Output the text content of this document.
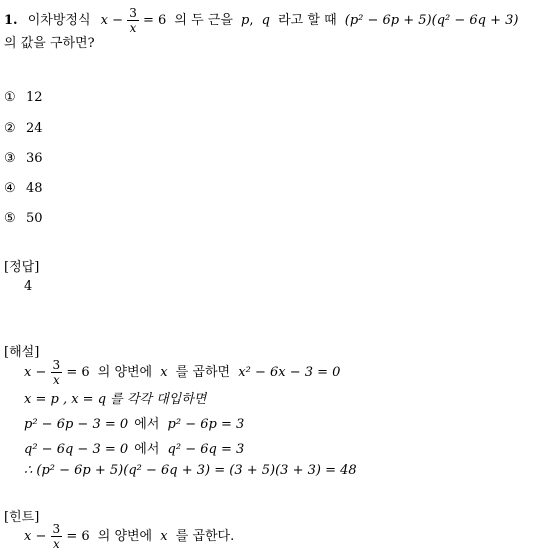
1. 이차방정식 $x - \frac{3}{x} = 6$ 의 두 근을 p, q 라고 할 때 (p² − 6p + 5)(q² − 6q + 3)
의 값을 구하면?
① 12
② 24
③ 36
④ 48
⑤ 50
[정답]
4
[해설]
$x - \frac{3}{x} = 6$ 의 양변에 x 를 곱하면 x² − 6x − 3 = 0
x = p , x = q 를 각각 대입하면
p² − 6p − 3 = 0 에서 p² − 6p = 3
q² − 6q − 3 = 0 에서 q² − 6q = 3
∴ (p² − 6p + 5)(q² − 6q + 3) = (3 + 5)(3 + 3) = 48
[힌트]
$x - \frac{3}{x} = 6$ 의 양변에 x 를 곱한다.
